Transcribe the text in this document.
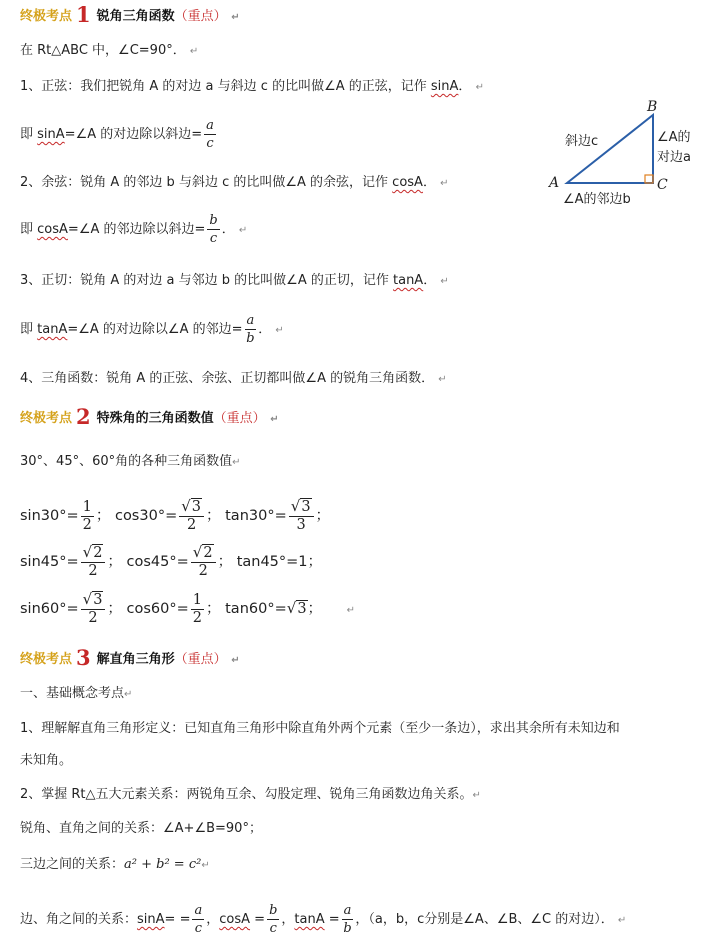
终极考点 1 锐角三角函数（重点） ↵
在 Rt△ABC 中，∠C=90°． ↵
1、正弦：我们把锐角 A 的对边 a 与斜边 c 的比叫做∠A 的正弦，记作 sinA． ↵
即 sinA=∠A 的对边除以斜边= $\frac{a}{c}$
2、余弦：锐角 A 的邻边 b 与斜边 c 的比叫做∠A 的余弦，记作 cosA． ↵
即 cosA=∠A 的邻边除以斜边= $\frac{b}{c}$ ． ↵
3、正切：锐角 A 的对边 a 与邻边 b 的比叫做∠A 的正切，记作 tanA． ↵
即 tanA=∠A 的对边除以∠A 的邻边= $\frac{a}{b}$ ． ↵
4、三角函数：锐角 A 的正弦、余弦、正切都叫做∠A 的锐角三角函数． ↵
B
A	C
斜边c	∠A的
对边a
∠A的邻边b
终极考点 2 特殊角的三角函数值（重点） ↵
30°、45°、60°角的各种三角函数值↵
$\sin 30^\circ= \frac{1}{2}$ ； $\cos 30^\circ= \frac{√3}{2}$ ； $\tan 30^\circ= \frac{√3}{3}$ ；
$\sin 45^\circ= \frac{√2}{2}$ ； $\cos 45^\circ= \frac{√2}{2}$ ； tan45°=1；
$\sin 60^\circ= \frac{√3}{2}$ ； $\cos 60^\circ= \frac{1}{2}$ ； tan60°=√3； ↵
终极考点 3 解直角三角形（重点） ↵
一、基础概念考点↵
1、理解解直角三角形定义：已知直角三角形中除直角外两个元素（至少一条边），求出其余所有未知边和
未知角。
2、掌握 Rt△五大元素关系：两锐角互余、勾股定理、锐角三角函数边角关系。↵
锐角、直角之间的关系：∠A+∠B=90°；
三边之间的关系：a² + b² = c²↵
边、角之间的关系：$\sin A= = \frac{a}{c}$ ，$\cos A = \frac{b}{c}$ ，$\tan A = \frac{a}{b}$ ，（a，b，c分别是∠A、∠B、∠C 的对边）． ↵
